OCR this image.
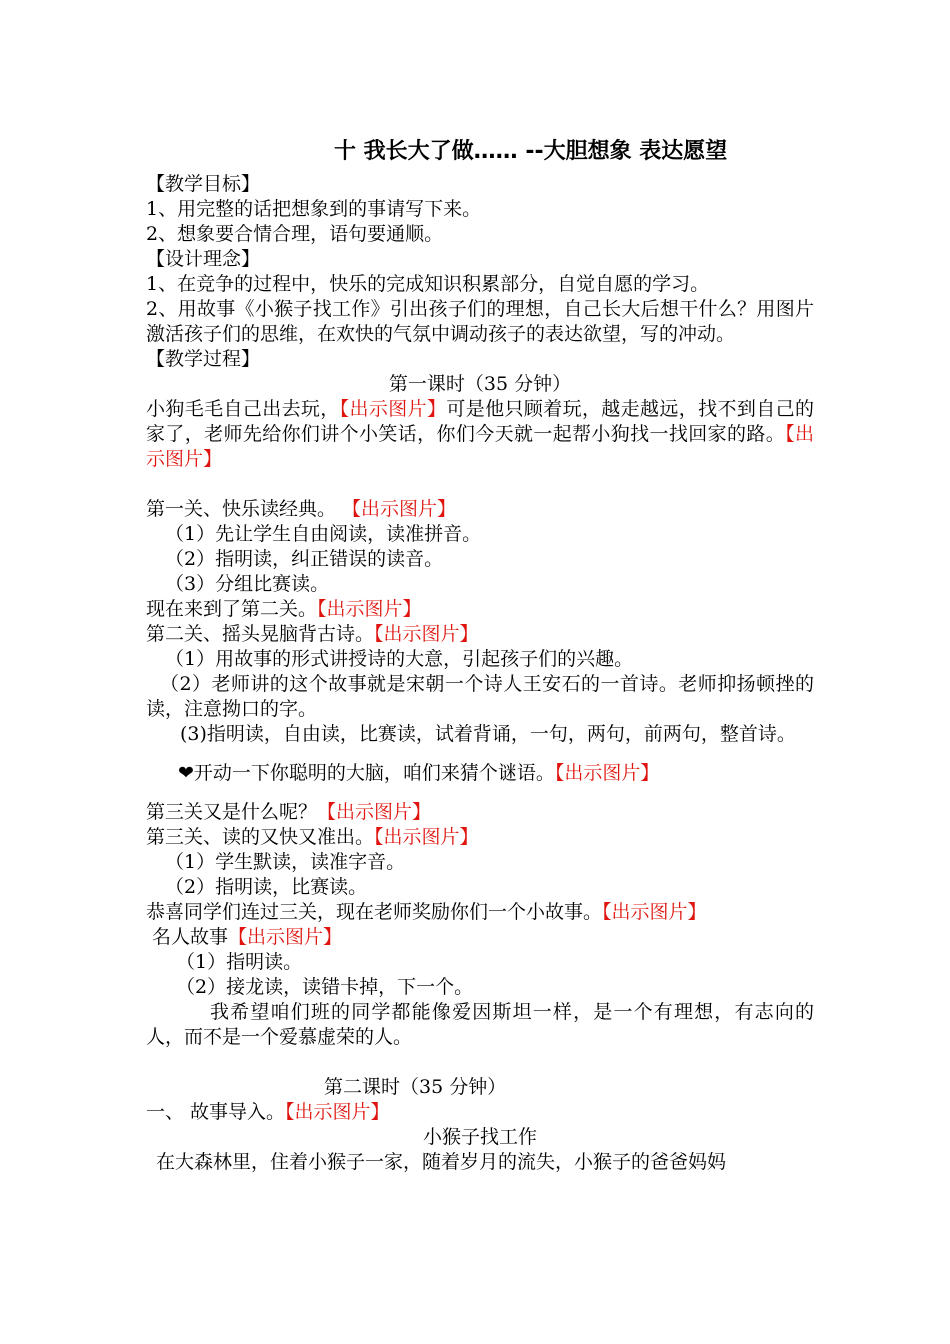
十 我长大了做…… --大胆想象 表达愿望
【教学目标】
1、用完整的话把想象到的事请写下来。
2、想象要合情合理，语句要通顺。
【设计理念】
1、在竞争的过程中，快乐的完成知识积累部分，自觉自愿的学习。
2、用故事《小猴子找工作》引出孩子们的理想，自己长大后想干什么？用图片激活孩子们的思维，在欢快的气氛中调动孩子的表达欲望，写的冲动。
【教学过程】
第一课时（35 分钟）
小狗毛毛自己出去玩，【出示图片】可是他只顾着玩，越走越远，找不到自己的家了，老师先给你们讲个小笑话，你们今天就一起帮小狗找一找回家的路。【出示图片】
第一关、快乐读经典。 【出示图片】
（1）先让学生自由阅读，读准拼音。
（2）指明读，纠正错误的读音。
（3）分组比赛读。
现在来到了第二关。【出示图片】
第二关、摇头晃脑背古诗。【出示图片】
（1）用故事的形式讲授诗的大意，引起孩子们的兴趣。
（2）老师讲的这个故事就是宋朝一个诗人王安石的一首诗。老师抑扬顿挫的读，注意拗口的字。
(3)指明读，自由读，比赛读，试着背诵，一句，两句，前两句，整首诗。
❤开动一下你聪明的大脑，咱们来猜个谜语。【出示图片】
第三关又是什么呢？【出示图片】
第三关、读的又快又准出。【出示图片】
（1）学生默读，读准字音。
（2）指明读，比赛读。
恭喜同学们连过三关，现在老师奖励你们一个小故事。【出示图片】
名人故事【出示图片】
（1）指明读。
（2）接龙读，读错卡掉，下一个。
我希望咱们班的同学都能像爱因斯坦一样，是一个有理想，有志向的人，而不是一个爱慕虚荣的人。
第二课时（35 分钟）
一、 故事导入。【出示图片】
小猴子找工作
在大森林里，住着小猴子一家，随着岁月的流失，小猴子的爸爸妈妈
